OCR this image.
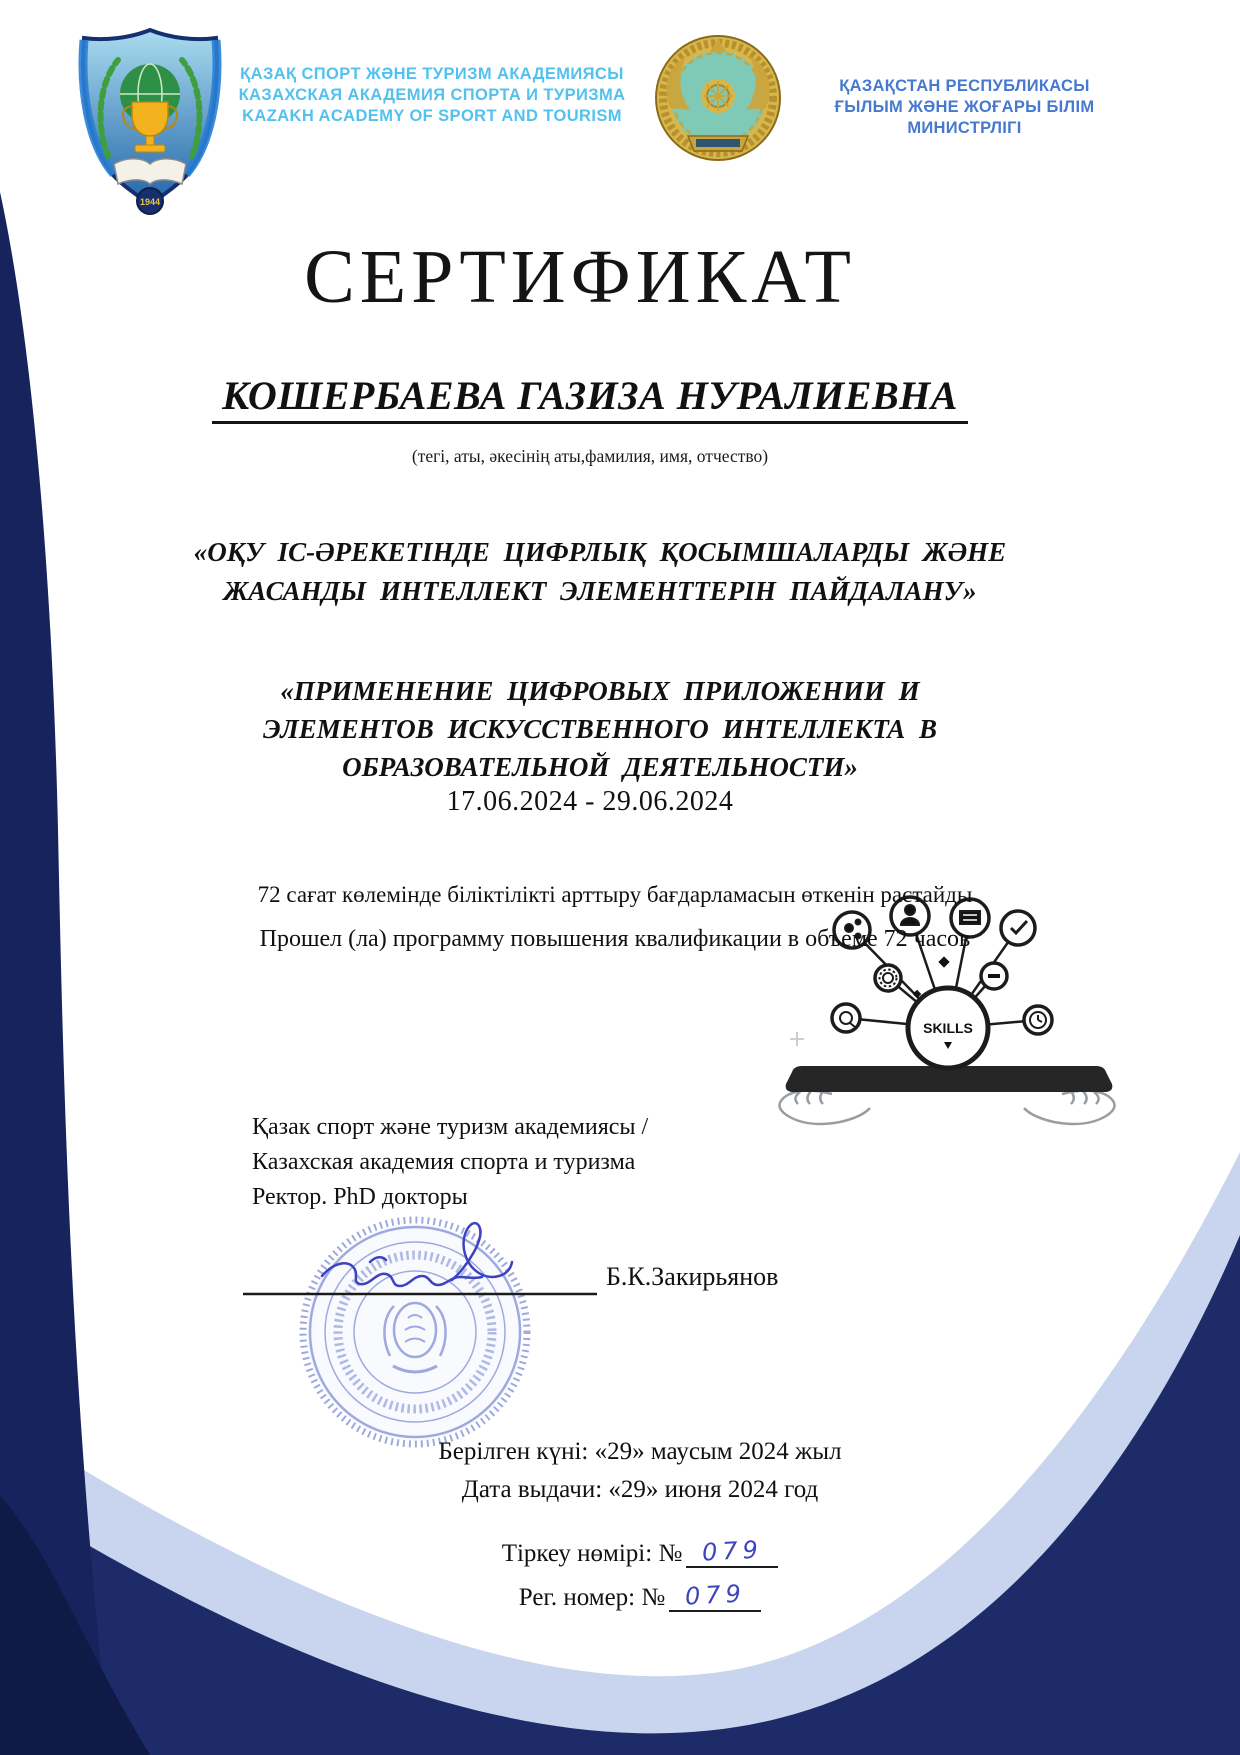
1944
SKILLS
ҚАЗАҚ СПОРТ ЖӘНЕ ТУРИЗМ АКАДЕМИЯСЫ
КАЗАХСКАЯ АКАДЕМИЯ СПОРТА И ТУРИЗМА
KAZAKH ACADEMY OF SPORT AND TOURISM
ҚАЗАҚСТАН РЕСПУБЛИКАСЫ
ҒЫЛЫМ ЖӘНЕ ЖОҒАРЫ БІЛІМ
МИНИСТРЛІГІ
СЕРТИФИКАТ
КОШЕРБАЕВА ГАЗИЗА НУРАЛИЕВНА
(тегі, аты, әкесінің аты,фамилия, имя, отчество)
«ОҚУ ІС-ӘРЕКЕТІНДЕ ЦИФРЛЫҚ ҚОСЫМШАЛАРДЫ ЖӘНЕ
ЖАСАНДЫ ИНТЕЛЛЕКТ ЭЛЕМЕНТТЕРІН ПАЙДАЛАНУ»
«ПРИМЕНЕНИЕ ЦИФРОВЫХ ПРИЛОЖЕНИИ И
ЭЛЕМЕНТОВ ИСКУССТВЕННОГО ИНТЕЛЛЕКТА В
ОБРАЗОВАТЕЛЬНОЙ ДЕЯТЕЛЬНОСТИ»
17.06.2024 - 29.06.2024
72 сағат көлемінде біліктілікті арттыру бағдарламасын өткенін растайды
Прошел (ла) программу повышения квалификации в объеме 72 часов
Қазак спорт және туризм академиясы /
Казахская академия спорта и туризма
Ректор. PhD докторы
Б.К.Закирьянов
Берілген күні: «29» маусым 2024 жыл
Дата выдачи: «29» июня 2024 год
Тіркеу нөмірі: № 079
Рег. номер: № 079
